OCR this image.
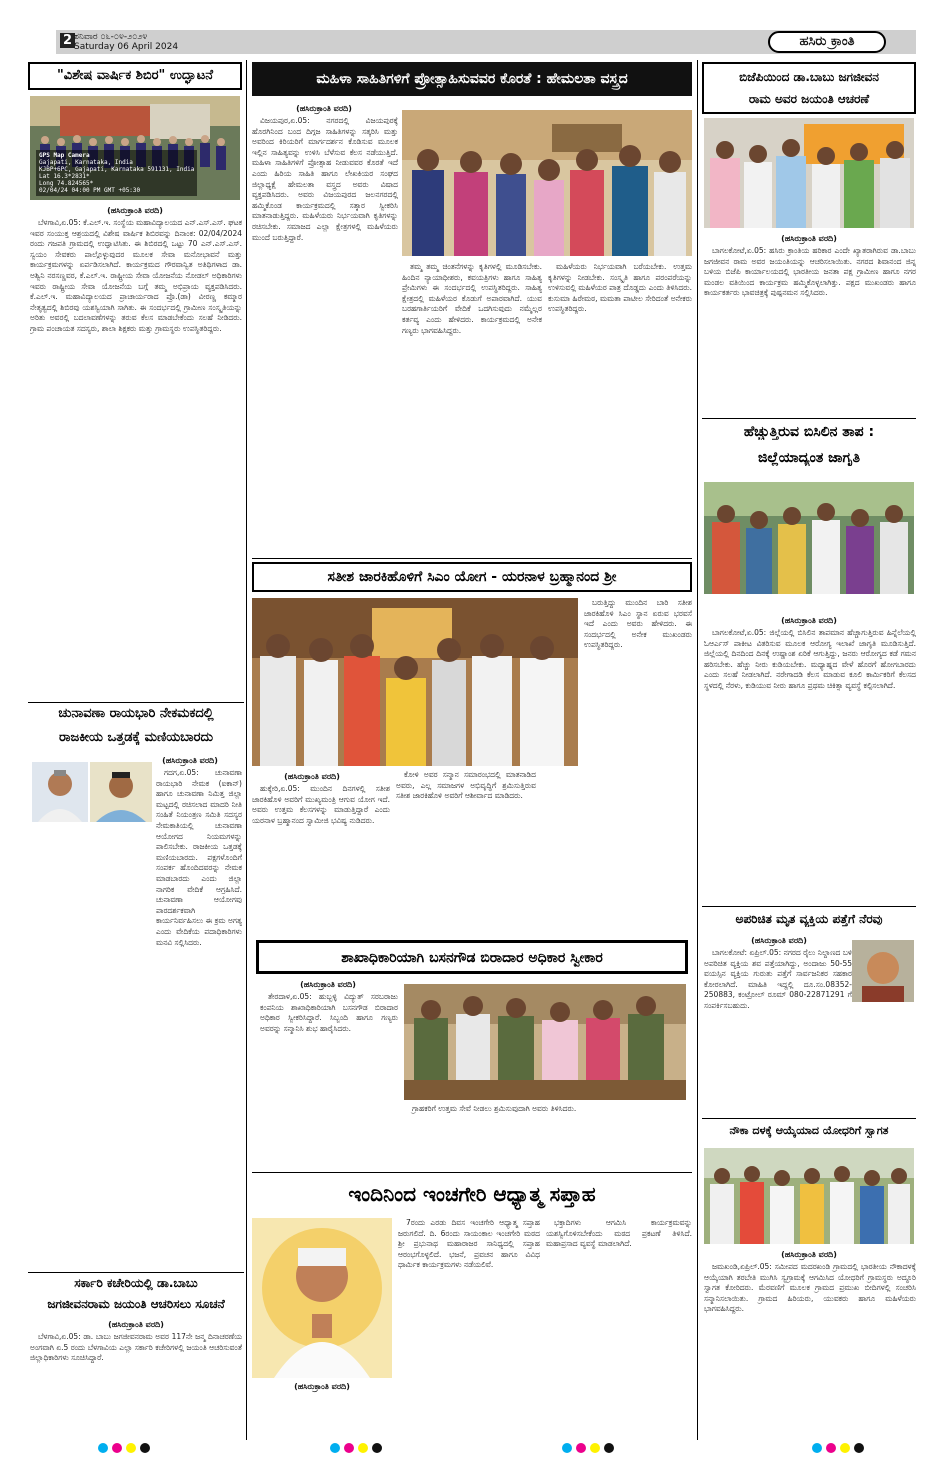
2 ಶನಿವಾರ ೦೬-೦೪-೨೦೨೪
Saturday 06 April 2024	ಹಸಿರು ಕ್ರಾಂತಿ
"ವಿಶೇಷ ವಾರ್ಷಿಕ ಶಿಬಿರ" ಉದ್ಘಾಟನೆ
GPS Map Camera
Gajapati, Karnataka, India
KJBP+6PC, Gajapati, Karnataka 591131, India
Lat 16.3*2831*
Long 74.824565*
02/04/24 04:00 PM GMT +05:30
(ಹಸಿರುಕ್ರಾಂತಿ ವರದಿ)

ಬೆಳಗಾವಿ,ಏ.05: ಕೆ.ಎಲ್.ಇ. ಸಂಸ್ಥೆಯ ಮಹಾವಿದ್ಯಾಲಯದ ಎನ್.ಎಸ್.ಎಸ್. ಘಟಕ ಇವರ ಸಂಯುಕ್ತ ಆಶ್ರಯದಲ್ಲಿ ವಿಶೇಷ ವಾರ್ಷಿಕ ಶಿಬಿರವನ್ನು ದಿನಾಂಕ: 02/04/2024 ರಂದು ಗಜಪತಿ ಗ್ರಾಮದಲ್ಲಿ ಉದ್ಘಾಟಿಸಿತು. ಈ ಶಿಬಿರದಲ್ಲಿ ಒಟ್ಟು 70 ಎನ್.ಎಸ್.ಎಸ್. ಸ್ವಯಂ ಸೇವಕರು ಪಾಲ್ಗೊಳ್ಳುವುದರ ಮೂಲಕ ಸೇವಾ ಮನೋಭಾವನೆ ಮತ್ತು ಕಾರ್ಯಕ್ರಮಗಳನ್ನು ಏರ್ಪಡಿಸಲಾಗಿದೆ. ಕಾರ್ಯಕ್ರಮದ ಗೌರವಾನ್ವಿತ ಅತಿಥಿಗಳಾದ ಡಾ. ಅಶ್ವಿನಿ ನರಸಣ್ಣವರ, ಕೆ.ಎಲ್.ಇ. ರಾಷ್ಟ್ರೀಯ ಸೇವಾ ಯೋಜನೆಯ ನೋಡಲ್ ಅಧಿಕಾರಿಗಳು ಇವರು ರಾಷ್ಟ್ರೀಯ ಸೇವಾ ಯೋಜನೆಯ ಬಗ್ಗೆ ತಮ್ಮ ಅಭಿಪ್ರಾಯ ವ್ಯಕ್ತಪಡಿಸಿದರು. ಕೆ.ಎಲ್.ಇ. ಮಹಾವಿದ್ಯಾಲಯದ ಪ್ರಾಚಾರ್ಯರಾದ ಪ್ರೊ.(ಡಾ) ವೀರಣ್ಣ ಕಮ್ಮಾರ ನೇತೃತ್ವದಲ್ಲಿ ಶಿಬಿರವು ಯಶಸ್ವಿಯಾಗಿ ಸಾಗಿತು. ಈ ಸಂದರ್ಭದಲ್ಲಿ ಗ್ರಾಮೀಣ ಸಂಸ್ಕೃತಿಯನ್ನು ಅರಿತು ಅವರಲ್ಲಿ ಬದಲಾವಣೆಗಳನ್ನು ತರುವ ಕೆಲಸ ಮಾಡಬೇಕೆಂದು ಸಲಹೆ ನೀಡಿದರು. ಗ್ರಾಮ ಪಂಚಾಯತ ಸದಸ್ಯರು, ಶಾಲಾ ಶಿಕ್ಷಕರು ಮತ್ತು ಗ್ರಾಮಸ್ಥರು ಉಪಸ್ಥಿತರಿದ್ದರು.

ಚುನಾವಣಾ ರಾಯಭಾರಿ ನೇಕಮಕದಲ್ಲಿ
ರಾಜಕೀಯ ಒತ್ತಡಕ್ಕೆ ಮಣಿಯಬಾರದು
(ಹಸಿರುಕ್ರಾಂತಿ ವರದಿ)

ಗದಗ,ಏ.05: ಚುನಾವಣಾ ರಾಯಭಾರಿ ನೇಮಕ (ಐಕಾನ್) ಹಾಗೂ ಚುನಾವಣಾ ನಿಮಿತ್ತ ಜಿಲ್ಲಾ ಮಟ್ಟದಲ್ಲಿ ರಚಿಸಲಾದ ಮಾದರಿ ನೀತಿ ಸಂಹಿತೆ ನಿಯಂತ್ರಣ ಸಮಿತಿ ಸದಸ್ಯರ ನೇಮಕಾತಿಯಲ್ಲಿ ಚುನಾವಣಾ ಆಯೋಗದ ನಿಯಮಗಳನ್ನು ಪಾಲಿಸಬೇಕು. ರಾಜಕೀಯ ಒತ್ತಡಕ್ಕೆ ಮಣಿಯಬಾರದು. ಪಕ್ಷಗಳೊಂದಿಗೆ ಸಂಪರ್ಕ ಹೊಂದಿದವರನ್ನು ನೇಮಕ ಮಾಡಬಾರದು ಎಂದು ಜಿಲ್ಲಾ ನಾಗರಿಕ ವೇದಿಕೆ ಆಗ್ರಹಿಸಿದೆ. ಚುನಾವಣಾ ಆಯೋಗವು ಪಾರದರ್ಶಕವಾಗಿ ಕಾರ್ಯನಿರ್ವಹಿಸಲು ಈ ಕ್ರಮ ಅಗತ್ಯ ಎಂದು ವೇದಿಕೆಯ ಪದಾಧಿಕಾರಿಗಳು ಮನವಿ ಸಲ್ಲಿಸಿದರು.

ಸರ್ಕಾರಿ ಕಚೇರಿಯಲ್ಲಿ ಡಾ.ಬಾಬು
ಜಗಜೀವನರಾಮ ಜಯಂತಿ ಆಚರಿಸಲು ಸೂಚನೆ
(ಹಸಿರುಕ್ರಾಂತಿ ವರದಿ)

ಬೆಳಗಾವಿ,ಏ.05: ಡಾ. ಬಾಬು ಜಗಜೀವನರಾಮ ಅವರ 117ನೇ ಜನ್ಮ ದಿನಾಚರಣೆಯ ಅಂಗವಾಗಿ ಏ.5 ರಂದು ಬೆಳಗಾವಿಯ ಎಲ್ಲಾ ಸರ್ಕಾರಿ ಕಚೇರಿಗಳಲ್ಲಿ ಜಯಂತಿ ಆಚರಿಸುವಂತೆ ಜಿಲ್ಲಾಧಿಕಾರಿಗಳು ಸೂಚಿಸಿದ್ದಾರೆ.

ಮಹಿಳಾ ಸಾಹಿತಿಗಳಿಗೆ ಪ್ರೋತ್ಸಾಹಿಸುವವರ ಕೊರತೆ : ಹೇಮಲತಾ ವಸ್ತ್ರದ
(ಹಸಿರುಕ್ರಾಂತಿ ವರದಿ)

ವಿಜಯಪುರ,ಏ.05: ನಗರದಲ್ಲಿ ವಿಜಯಪುರಕ್ಕೆ ಹೊರಗಿನಿಂದ ಬಂದ ದಿಗ್ಗಜ ಸಾಹಿತಿಗಳನ್ನು ಸತ್ಕರಿಸಿ ಮತ್ತು ಅವರಿಂದ ಕಿರಿಯರಿಗೆ ಮಾರ್ಗದರ್ಶನ ಕೊಡಿಸುವ ಮೂಲಕ ಇಲ್ಲಿನ ಸಾಹಿತ್ಯವನ್ನು ಉಳಿಸಿ ಬೆಳೆಸುವ ಕೆಲಸ ನಡೆಯುತ್ತಿದೆ. ಮಹಿಳಾ ಸಾಹಿತಿಗಳಿಗೆ ಪ್ರೋತ್ಸಾಹ ನೀಡುವವರ ಕೊರತೆ ಇದೆ ಎಂದು ಹಿರಿಯ ಸಾಹಿತಿ ಹಾಗೂ ಲೇಖಕಿಯರ ಸಂಘದ ಜಿಲ್ಲಾಧ್ಯಕ್ಷೆ ಹೇಮಲತಾ ವಸ್ತ್ರದ ಅವರು ವಿಷಾದ ವ್ಯಕ್ತಪಡಿಸಿದರು. ಅವರು ವಿಜಯಪುರದ ಜಲನಗರದಲ್ಲಿ ಹಮ್ಮಿಕೊಂಡ ಕಾರ್ಯಕ್ರಮದಲ್ಲಿ ಸತ್ಕಾರ ಸ್ವೀಕರಿಸಿ ಮಾತನಾಡುತ್ತಿದ್ದರು. ಮಹಿಳೆಯರು ನಿರ್ಭಯವಾಗಿ ಕೃತಿಗಳನ್ನು ರಚಿಸಬೇಕು. ಸಮಾಜದ ಎಲ್ಲಾ ಕ್ಷೇತ್ರಗಳಲ್ಲಿ ಮಹಿಳೆಯರು ಮುಂದೆ ಬರುತ್ತಿದ್ದಾರೆ.

ತಮ್ಮ ತಮ್ಮ ಚಿಂತನೆಗಳನ್ನು ಕೃತಿಗಳಲ್ಲಿ ಮೂಡಿಸಬೇಕು. ಹಿಂದಿನ ನ್ಯಾಯಾಧೀಶರು, ಕವಯತ್ರಿಗಳು ಹಾಗೂ ಸಾಹಿತ್ಯ ಪ್ರೇಮಿಗಳು ಈ ಸಂದರ್ಭದಲ್ಲಿ ಉಪಸ್ಥಿತರಿದ್ದರು. ಸಾಹಿತ್ಯ ಕ್ಷೇತ್ರದಲ್ಲಿ ಮಹಿಳೆಯರ ಕೊಡುಗೆ ಅಪಾರವಾಗಿದೆ. ಯುವ ಬರಹಗಾರ್ತಿಯರಿಗೆ ವೇದಿಕೆ ಒದಗಿಸುವುದು ನಮ್ಮೆಲ್ಲರ ಕರ್ತವ್ಯ ಎಂದು ಹೇಳಿದರು. ಕಾರ್ಯಕ್ರಮದಲ್ಲಿ ಅನೇಕ ಗಣ್ಯರು ಭಾಗವಹಿಸಿದ್ದರು.

ಮಹಿಳೆಯರು ನಿರ್ಭಯವಾಗಿ ಬರೆಯಬೇಕು. ಉತ್ತಮ ಕೃತಿಗಳನ್ನು ನೀಡಬೇಕು. ಸಂಸ್ಕೃತಿ ಹಾಗೂ ಪರಂಪರೆಯನ್ನು ಉಳಿಸುವಲ್ಲಿ ಮಹಿಳೆಯರ ಪಾತ್ರ ದೊಡ್ಡದು ಎಂದು ತಿಳಿಸಿದರು. ಕುಸುಮಾ ಹಿರೇಮಠ, ಮಮತಾ ಪಾಟೀಲ ಸೇರಿದಂತೆ ಅನೇಕರು ಉಪಸ್ಥಿತರಿದ್ದರು.

ಸತೀಶ ಜಾರಕಿಹೊಳಿಗೆ ಸಿಎಂ ಯೋಗ - ಯರನಾಳ ಬ್ರಹ್ಮಾನಂದ ಶ್ರೀ

ಬರುತ್ತಿದ್ದು ಮುಂದಿನ ಬಾರಿ ಸತೀಶ ಜಾರಕಿಹೊಳಿ ಸಿಎಂ ಸ್ಥಾನ ಏರುವ ಭರವಸೆ ಇದೆ ಎಂದು ಅವರು ಹೇಳಿದರು. ಈ ಸಂದರ್ಭದಲ್ಲಿ ಅನೇಕ ಮುಖಂಡರು ಉಪಸ್ಥಿತರಿದ್ದರು.

(ಹಸಿರುಕ್ರಾಂತಿ ವರದಿ)

ಹುಕ್ಕೇರಿ,ಏ.05: ಮುಂದಿನ ದಿನಗಳಲ್ಲಿ ಸತೀಶ ಜಾರಕಿಹೊಳಿ ಅವರಿಗೆ ಮುಖ್ಯಮಂತ್ರಿ ಆಗುವ ಯೋಗ ಇದೆ. ಅವರು ಉತ್ತಮ ಕೆಲಸಗಳನ್ನು ಮಾಡುತ್ತಿದ್ದಾರೆ ಎಂದು ಯರನಾಳ ಬ್ರಹ್ಮಾನಂದ ಸ್ವಾಮೀಜಿ ಭವಿಷ್ಯ ನುಡಿದರು.

ಕೋಳಿ ಅವರ ಸನ್ಮಾನ ಸಮಾರಂಭದಲ್ಲಿ ಮಾತನಾಡಿದ ಅವರು, ಎಲ್ಲ ಸಮಾಜಗಳ ಅಭಿವೃದ್ಧಿಗೆ ಶ್ರಮಿಸುತ್ತಿರುವ ಸತೀಶ ಜಾರಕಿಹೊಳಿ ಅವರಿಗೆ ಆಶೀರ್ವಾದ ಮಾಡಿದರು.

ಶಾಖಾಧಿಕಾರಿಯಾಗಿ ಬಸನಗೌಡ ಬಿರಾದಾರ ಅಧಿಕಾರ ಸ್ವೀಕಾರ
(ಹಸಿರುಕ್ರಾಂತಿ ವರದಿ)

ತೇರದಾಳ,ಏ.05: ಹುಬ್ಬಳ್ಳಿ ವಿದ್ಯುತ್ ಸರಬರಾಜು ಕಂಪನಿಯ ಶಾಖಾಧಿಕಾರಿಯಾಗಿ ಬಸನಗೌಡ ಬಿರಾದಾರ ಅಧಿಕಾರ ಸ್ವೀಕರಿಸಿದ್ದಾರೆ. ಸಿಬ್ಬಂದಿ ಹಾಗೂ ಗಣ್ಯರು ಅವರನ್ನು ಸನ್ಮಾನಿಸಿ ಶುಭ ಹಾರೈಸಿದರು.

ಗ್ರಾಹಕರಿಗೆ ಉತ್ತಮ ಸೇವೆ ನೀಡಲು ಶ್ರಮಿಸುವುದಾಗಿ ಅವರು ತಿಳಿಸಿದರು.

ಇಂದಿನಿಂದ ಇಂಚಗೇರಿ ಆಧ್ಯಾತ್ಮ ಸಪ್ತಾಹ
(ಹಸಿರುಕ್ರಾಂತಿ ವರದಿ)

7ರಂದು ಎರಡು ದಿವಸ ಇಂಚಗೇರಿ ಆಧ್ಯಾತ್ಮ ಸಪ್ತಾಹ ಜರುಗಲಿದೆ. ದಿ. 6ರಂದು ಸಾಯಂಕಾಲ ಇಂಚಗೇರಿ ಮಠದ ಶ್ರೀ ಪ್ರಭುನಾಥ ಮಹಾರಾಜರ ಸಾನಿಧ್ಯದಲ್ಲಿ ಸಪ್ತಾಹ ಆರಂಭಗೊಳ್ಳಲಿದೆ. ಭಜನೆ, ಪ್ರವಚನ ಹಾಗೂ ವಿವಿಧ ಧಾರ್ಮಿಕ ಕಾರ್ಯಕ್ರಮಗಳು ನಡೆಯಲಿವೆ.

ಭಕ್ತಾದಿಗಳು ಆಗಮಿಸಿ ಕಾರ್ಯಕ್ರಮವನ್ನು ಯಶಸ್ವಿಗೊಳಿಸಬೇಕೆಂದು ಮಠದ ಪ್ರಕಟಣೆ ತಿಳಿಸಿದೆ. ಮಹಾಪ್ರಸಾದ ವ್ಯವಸ್ಥೆ ಮಾಡಲಾಗಿದೆ.

ಬಿಜೆಪಿಯಿಂದ ಡಾ.ಬಾಬು ಜಗಜೀವನ
ರಾಮ ಅವರ ಜಯಂತಿ ಆಚರಣೆ
(ಹಸಿರುಕ್ರಾಂತಿ ವರದಿ)

ಬಾಗಲಕೋಟೆ,ಏ.05: ಹಸಿರು ಕ್ರಾಂತಿಯ ಹರಿಕಾರ ಎಂದೇ ಖ್ಯಾತರಾಗಿರುವ ಡಾ.ಬಾಬು ಜಗಜೀವನ ರಾಮ ಅವರ ಜಯಂತಿಯನ್ನು ಆಚರಿಸಲಾಯಿತು. ನಗರದ ಶಿವಾನಂದ ಜಿನ್ನ ಬಳಿಯ ಬಿಜೆಪಿ ಕಾರ್ಯಾಲಯದಲ್ಲಿ ಭಾರತೀಯ ಜನತಾ ಪಕ್ಷ ಗ್ರಾಮೀಣ ಹಾಗೂ ನಗರ ಮಂಡಲ ವತಿಯಿಂದ ಕಾರ್ಯಕ್ರಮ ಹಮ್ಮಿಕೊಳ್ಳಲಾಗಿತ್ತು. ಪಕ್ಷದ ಮುಖಂಡರು ಹಾಗೂ ಕಾರ್ಯಕರ್ತರು ಭಾವಚಿತ್ರಕ್ಕೆ ಪುಷ್ಪನಮನ ಸಲ್ಲಿಸಿದರು.

ಹೆಚ್ಚುತ್ತಿರುವ ಬಿಸಿಲಿನ ತಾಪ :
ಜಿಲ್ಲೆಯಾದ್ಯಂತ ಜಾಗೃತಿ
(ಹಸಿರುಕ್ರಾಂತಿ ವರದಿ)

ಬಾಗಲಕೋಟೆ,ಏ.05: ಜಿಲ್ಲೆಯಲ್ಲಿ ಬಿಸಿಲಿನ ತಾಪಮಾನ ಹೆಚ್ಚಾಗುತ್ತಿರುವ ಹಿನ್ನೆಲೆಯಲ್ಲಿ ಓಆರ್ಎಸ್ ಪಾಕೀಟ ವಿತರಿಸುವ ಮೂಲಕ ಆರೋಗ್ಯ ಇಲಾಖೆ ಜಾಗೃತಿ ಮೂಡಿಸುತ್ತಿದೆ. ಜಿಲ್ಲೆಯಲ್ಲಿ ದಿನದಿಂದ ದಿನಕ್ಕೆ ಉಷ್ಣಾಂಶ ಏರಿಕೆ ಆಗುತ್ತಿದ್ದು, ಜನರು ಆರೋಗ್ಯದ ಕಡೆ ಗಮನ ಹರಿಸಬೇಕು. ಹೆಚ್ಚು ನೀರು ಕುಡಿಯಬೇಕು. ಮಧ್ಯಾಹ್ನದ ವೇಳೆ ಹೊರಗೆ ಹೋಗಬಾರದು ಎಂದು ಸಲಹೆ ನೀಡಲಾಗಿದೆ. ನರೇಗಾದಡಿ ಕೆಲಸ ಮಾಡುವ ಕೂಲಿ ಕಾರ್ಮಿಕರಿಗೆ ಕೆಲಸದ ಸ್ಥಳದಲ್ಲಿ ನೆರಳು, ಕುಡಿಯುವ ನೀರು ಹಾಗೂ ಪ್ರಥಮ ಚಿಕಿತ್ಸಾ ವ್ಯವಸ್ಥೆ ಕಲ್ಪಿಸಲಾಗಿದೆ.

ಅಪರಿಚಿತ ಮೃತ ವ್ಯಕ್ತಿಯ ಪತ್ತೆಗೆ ನೆರವು
(ಹಸಿರುಕ್ರಾಂತಿ ವರದಿ)

ಬಾಗಲಕೋಟೆ: ಏಪ್ರಿಲ್.05: ನಗರದ ರೈಲು ನಿಲ್ದಾಣದ ಬಳಿ ಅಪರಿಚಿತ ವ್ಯಕ್ತಿಯ ಶವ ಪತ್ತೆಯಾಗಿದ್ದು, ಅಂದಾಜು 50-55 ವಯಸ್ಸಿನ ವ್ಯಕ್ತಿಯ ಗುರುತು ಪತ್ತೆಗೆ ಸಾರ್ವಜನಿಕರ ಸಹಕಾರ ಕೋರಲಾಗಿದೆ. ಮಾಹಿತಿ ಇದ್ದಲ್ಲಿ ದೂ.ಸಂ.08352-250883, ಕಂಟ್ರೋಲ್ ರೂಮ್ 080-22871291 ಗೆ ಸಂಪರ್ಕಿಸಬಹುದು.

ನೌಕಾ ದಳಕ್ಕೆ ಆಯ್ಕೆಯಾದ ಯೋಧರಿಗೆ ಸ್ವಾಗತ
(ಹಸಿರುಕ್ರಾಂತಿ ವರದಿ)

ಜಮಖಂಡಿ,ಏಪ್ರಿಲ್.05: ಸಮೀಪದ ಮದರಖಂಡಿ ಗ್ರಾಮದಲ್ಲಿ ಭಾರತೀಯ ನೌಕಾದಳಕ್ಕೆ ಆಯ್ಕೆಯಾಗಿ ತರಬೇತಿ ಮುಗಿಸಿ ಸ್ವಗ್ರಾಮಕ್ಕೆ ಆಗಮಿಸಿದ ಯೋಧರಿಗೆ ಗ್ರಾಮಸ್ಥರು ಅದ್ಧೂರಿ ಸ್ವಾಗತ ಕೋರಿದರು. ಮೆರವಣಿಗೆ ಮೂಲಕ ಗ್ರಾಮದ ಪ್ರಮುಖ ಬೀದಿಗಳಲ್ಲಿ ಸಂಚರಿಸಿ ಸನ್ಮಾನಿಸಲಾಯಿತು. ಗ್ರಾಮದ ಹಿರಿಯರು, ಯುವಕರು ಹಾಗೂ ಮಹಿಳೆಯರು ಭಾಗವಹಿಸಿದ್ದರು.
